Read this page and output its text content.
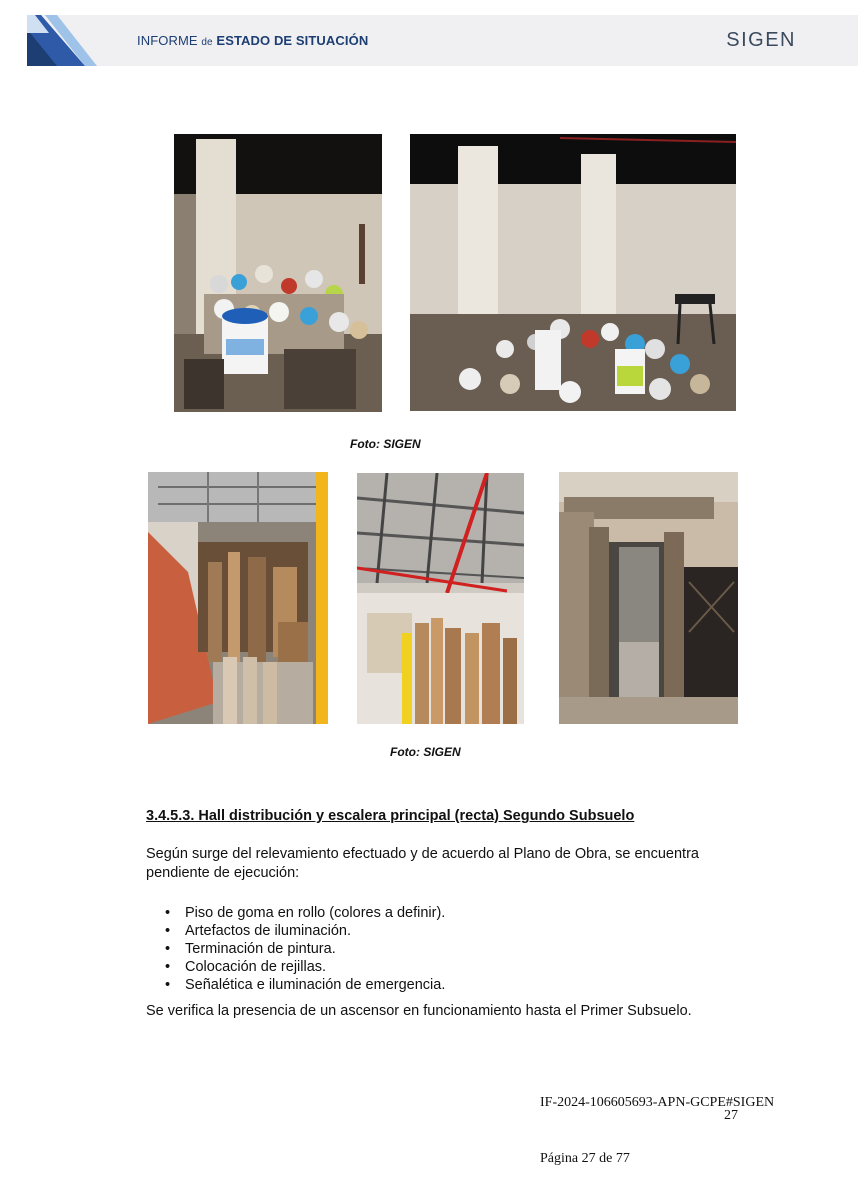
INFORME de ESTADO DE SITUACIÓN	SIGEN
Foto: SIGEN
Foto: SIGEN
3.4.5.3. Hall distribución y escalera principal (recta) Segundo Subsuelo
Según surge del relevamiento efectuado y de acuerdo al Plano de Obra, se encuentra
pendiente de ejecución:
• Piso de goma en rollo (colores a definir).
• Artefactos de iluminación.
• Terminación de pintura.
• Colocación de rejillas.
• Señalética e iluminación de emergencia.
Se verifica la presencia de un ascensor en funcionamiento hasta el Primer Subsuelo.
IF-2024-106605693-APN-GCPE#SIGEN
27
Página 27 de 77
